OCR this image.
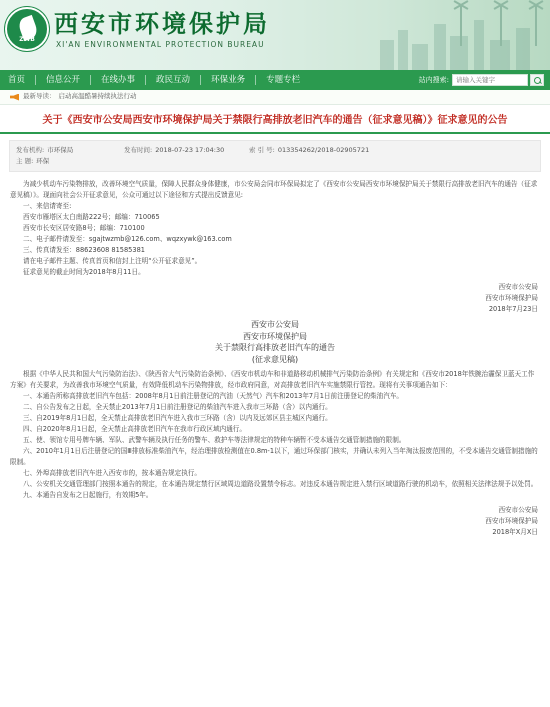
ZWB
西安市环境保护局
XI'AN ENVIRONMENTAL PROTECTION BUREAU
首页	信息公开	在线办事	政民互动	环保业务	专题专栏	站内搜索:
请输入关键字
最新导读： 启动高温酷暑持续执法行动
关于《西安市公安局西安市环境保护局关于禁限行高排放老旧汽车的通告（征求意见稿）》征求意见的公告
发布机构: 市环保局	发布时间: 2018-07-23 17:04:30	索 引 号: 013354262/2018-02905721
主 题: 环保
为减少机动车污染物排放，改善环境空气质量，保障人民群众身体健康，市公安局会同市环保局拟定了《西安市公安局西安市环境保护局关于禁限行高排放老旧汽车的通告（征求意见稿）》。现面向社会公开征求意见，公众可通过以下途径和方式提出反馈意见:
一、来信请寄至:
西安市雁塔区太白南路222号；邮编：710065
西安市长安区居安路8号；邮编：710100
二、电子邮件请发至：sgajtwzmb@126.com、wqzxywk@163.com
三、传真请发至：88623608 81585381
请在电子邮件主题、传真首页和信封上注明“公开征求意见”。
征求意见的截止时间为2018年8月11日。
西安市公安局
西安市环境保护局
2018年7月23日
西安市公安局
西安市环境保护局
关于禁限行高排放老旧汽车的通告
(征求意见稿)
根据《中华人民共和国大气污染防治法》、《陕西省大气污染防治条例》、《西安市机动车和非道路移动机械排气污染防治条例》有关规定和《西安市2018年铁腕治霾保卫蓝天工作方案》有关要求，为改善我市环境空气质量，有效降低机动车污染物排放，经市政府同意，对高排放老旧汽车实施禁限行管控。现将有关事项通告如下：
一、本通告所称高排放老旧汽车包括：2008年8月1日前注册登记的汽油（天然气）汽车和2013年7月1日前注册登记的柴油汽车。
二、自公告发布之日起，全天禁止2013年7月1日前注册登记的柴油汽车进入我市三环路（含）以内通行。
三、自2019年8月1日起，全天禁止高排放老旧汽车进入我市三环路（含）以内及远郊区县主城区内通行。
四、自2020年8月1日起，全天禁止高排放老旧汽车在我市行政区域内通行。
五、使、领馆专用号牌车辆、军队、武警车辆及执行任务的警车、救护车等法律规定的特种车辆暂不受本通告交通管制措施的限制。
六、2010年1月1日后注册登记的国Ⅲ排放标准柴油汽车，经治理排放检测值在0.8m-1以下，通过环保部门核实，并确认未列入当年淘汰报废范围的，不受本通告交通管制措施的限制。
七、外埠高排放老旧汽车进入西安市的，按本通告规定执行。
八、公安机关交通管理部门按照本通告的规定，在本通告规定禁行区域周边道路设置禁令标志。对违反本通告规定进入禁行区域道路行驶的机动车，依照相关法律法规予以处罚。
九、本通告自发布之日起施行，有效期5年。
西安市公安局
西安市环境保护局
2018年X月X日
